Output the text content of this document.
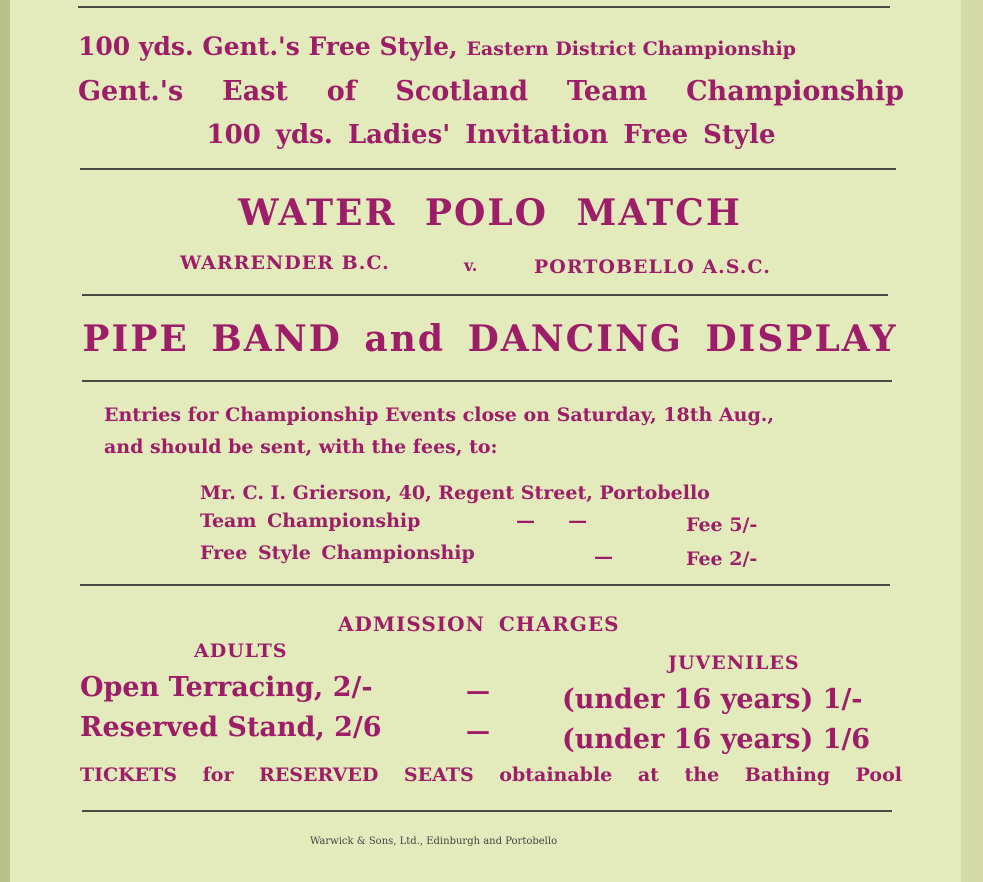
100 yds. Gent.'s Free Style, Eastern District Championship
Gent.'s East of Scotland Team Championship
100 yds. Ladies' Invitation Free Style
WATER POLO MATCH
WARRENDER B.C.	v.	PORTOBELLO A.S.C.
PIPE BAND and DANCING DISPLAY
Entries for Championship Events close on Saturday, 18th Aug.,
and should be sent, with the fees, to:
Mr. C. I. Grierson, 40, Regent Street, Portobello
Team Championship	—     —	Fee 5/-
Free Style Championship	—	Fee 2/-
ADMISSION CHARGES
ADULTS
JUVENILES
Open Terracing, 2/-	—	(under 16 years) 1/-
Reserved Stand, 2/6	—	(under 16 years) 1/6
TICKETS for RESERVED SEATS obtainable at the Bathing Pool
Warwick & Sons, Ltd., Edinburgh and Portobello
